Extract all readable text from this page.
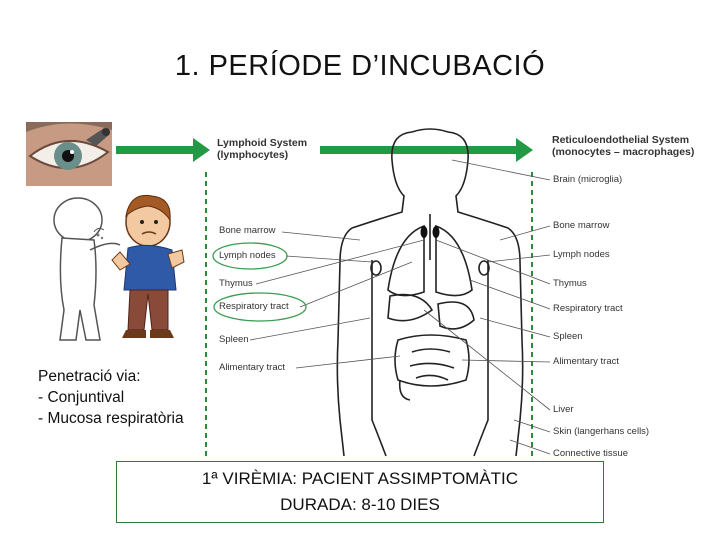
1. PERÍODE D’INCUBACIÓ
Lymphoid System
(lymphocytes)
Bone marrow
Lymph nodes
Thymus
Respiratory tract
Spleen
Alimentary tract
Reticuloendothelial System
(monocytes – macrophages)
Brain (microglia)
Bone marrow
Lymph nodes
Thymus
Respiratory tract
Spleen
Alimentary tract
Liver
Skin (langerhans cells)
Connective tissue
Penetració via:
- Conjuntival
- Mucosa respiratòria
1ª VIRÈMIA: PACIENT ASSIMPTOMÀTIC
DURADA: 8-10 DIES
